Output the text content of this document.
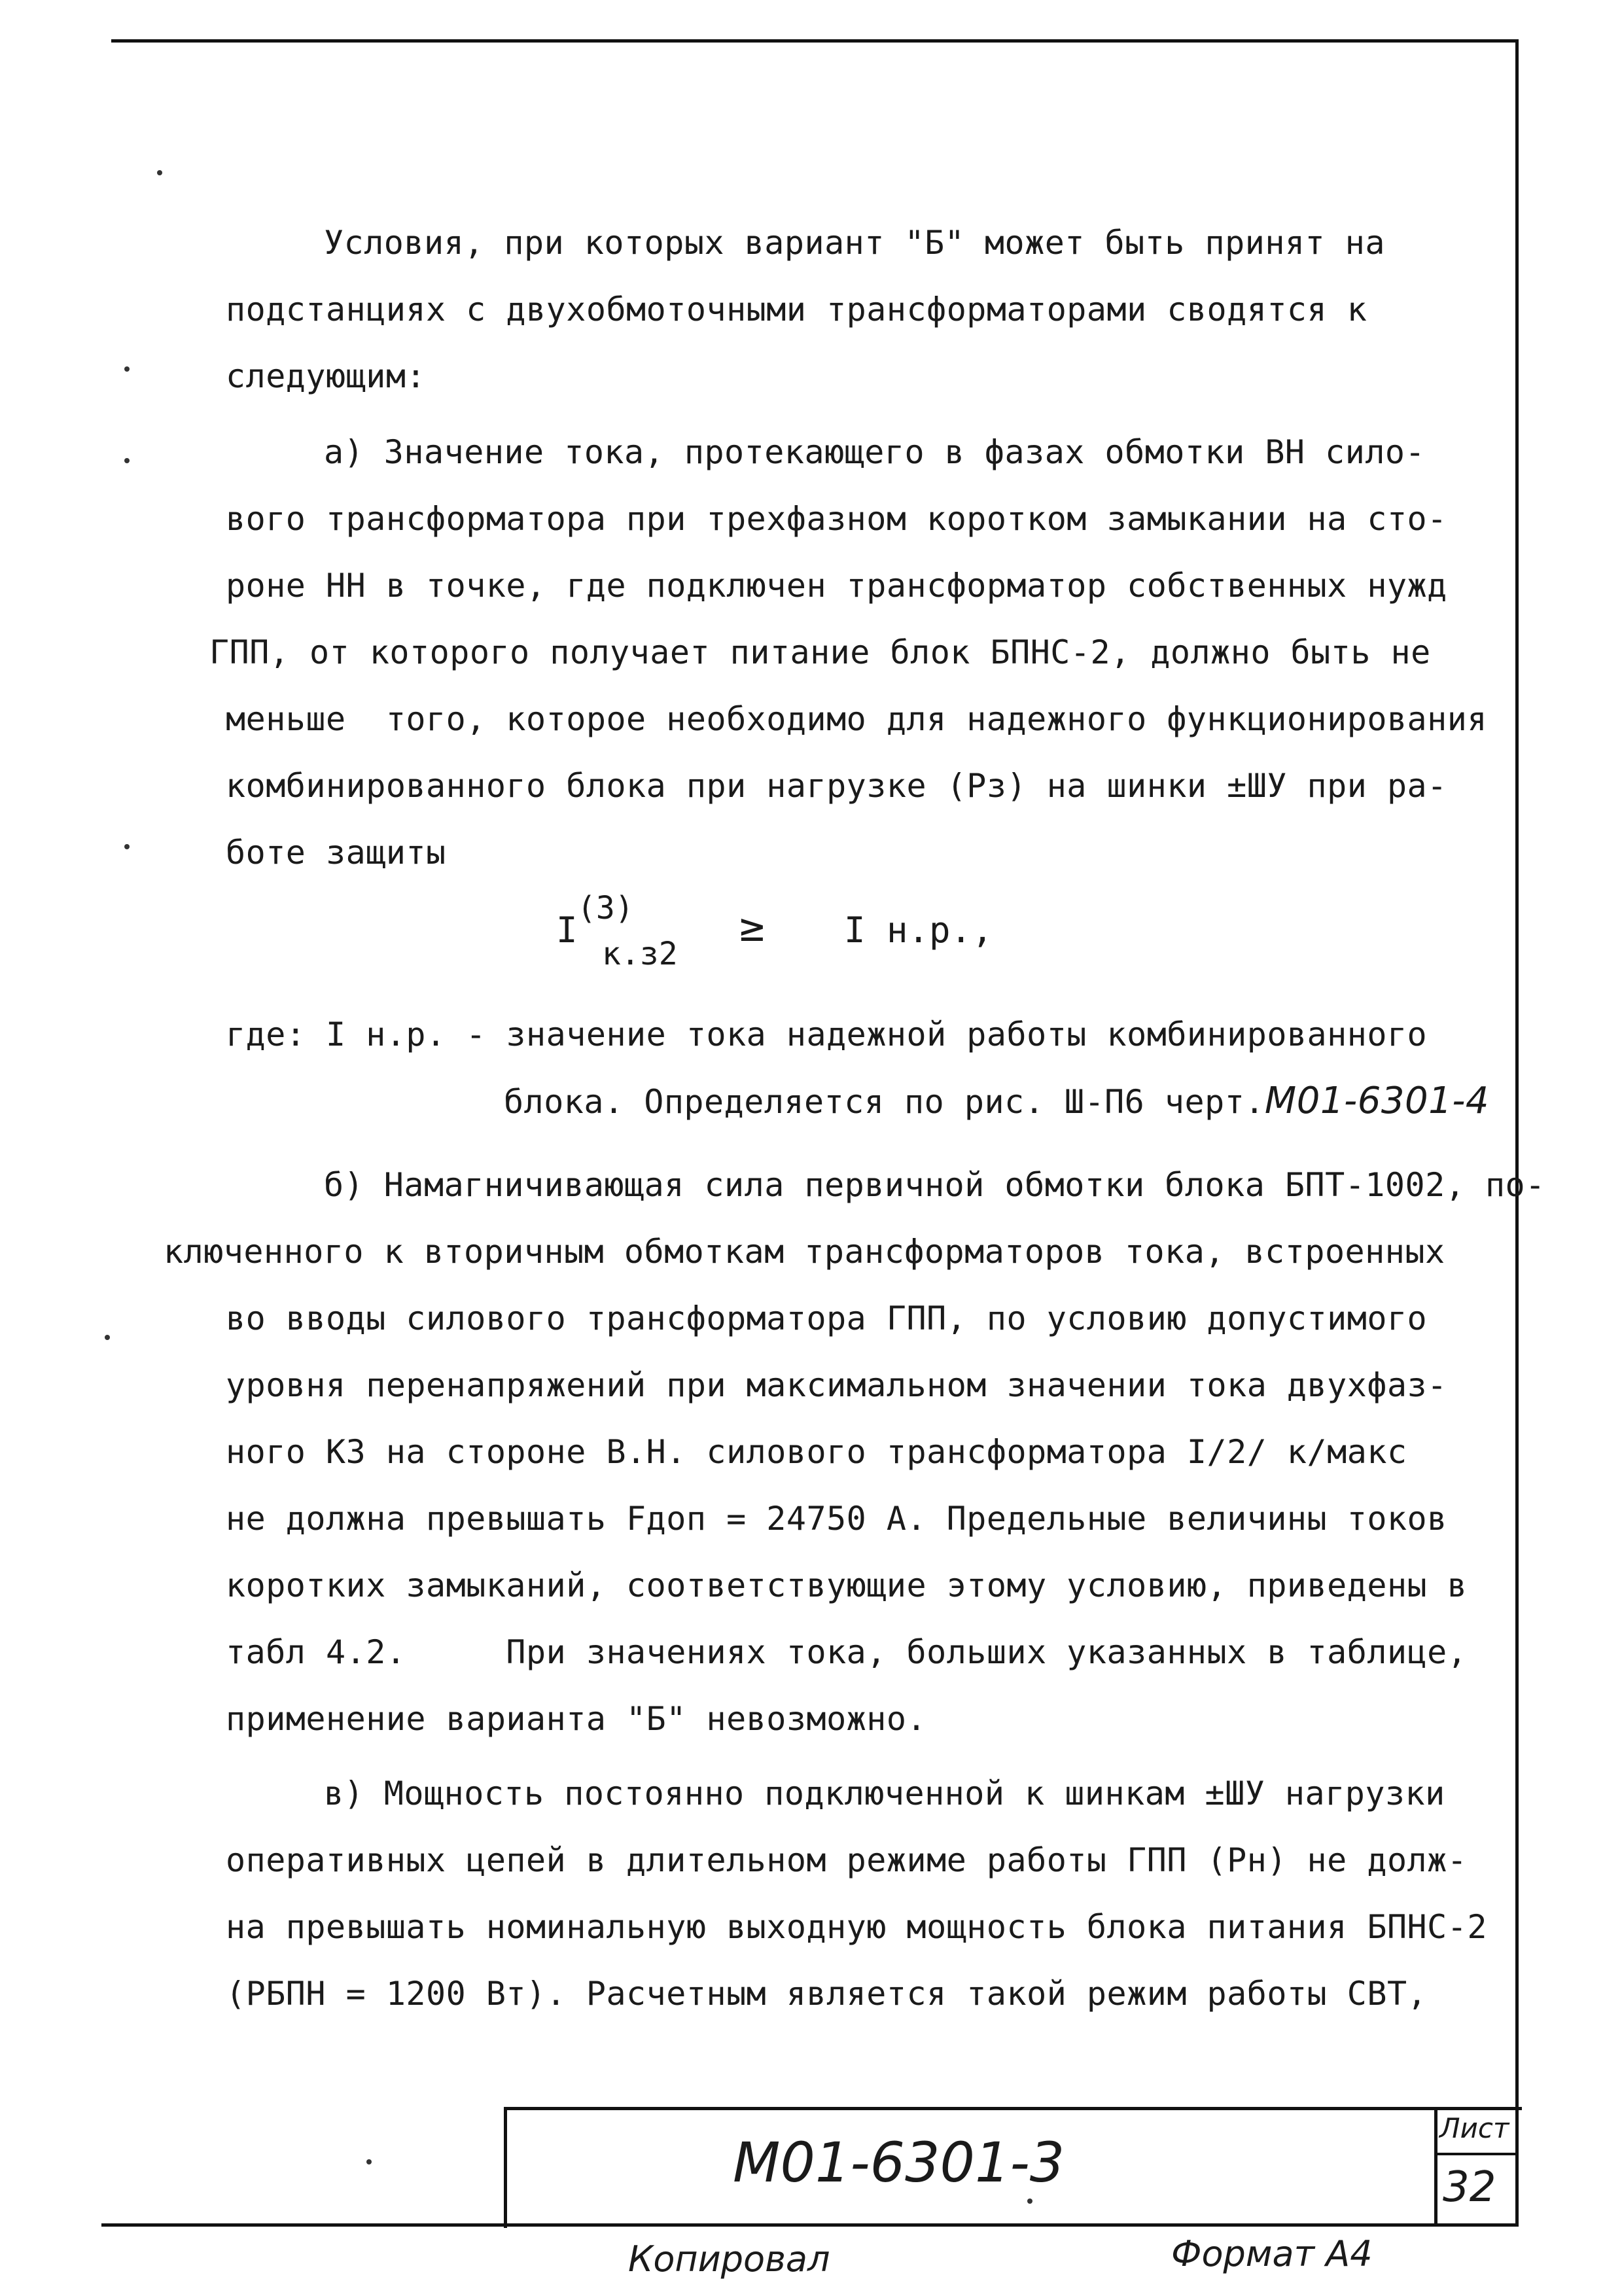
Условия, при которых вариант "Б" может быть принят на
подстанциях с двухобмоточными трансформаторами сводятся к
следующим:
а) Значение тока, протекающего в фазах обмотки ВН сило-
вого трансформатора при трехфазном коротком замыкании на сто-
роне НН в точке, где подключен трансформатор собственных нужд
ГПП, от которого получает питание блок БПНС-2, должно быть не
меньше  того, которое необходимо для надежного функционирования
комбинированного блока при нагрузке (Рз) на шинки ±ШУ при ра-
боте защиты
I
(3)
к.з2
≥ I н.р.,
где: I н.р. - значение тока надежной работы комбинированного
блока. Определяется по рис. Ш-П6 черт.М01-6301-4
б) Намагничивающая сила первичной обмотки блока БПТ-1002, по-
ключенного к вторичным обмоткам трансформаторов тока, встроенных
во вводы силового трансформатора ГПП, по условию допустимого
уровня перенапряжений при максимальном значении тока двухфаз-
ного КЗ на стороне В.Н. силового трансформатора I/2/ к/макс
не должна превышать Fдоп = 24750 А. Предельные величины токов
коротких замыканий, соответствующие этому условию, приведены в
табл 4.2.     При значениях тока, больших указанных в таблице,
применение варианта "Б" невозможно.
в) Мощность постоянно подключенной к шинкам ±ШУ нагрузки
оперативных цепей в длительном режиме работы ГПП (Рн) не долж-
на превышать номинальную выходную мощность блока питания БПНС-2
(РБПН = 1200 Вт). Расчетным является такой режим работы СВТ,
М01-6301-3
Лист
32
Копировал	Формат А4
